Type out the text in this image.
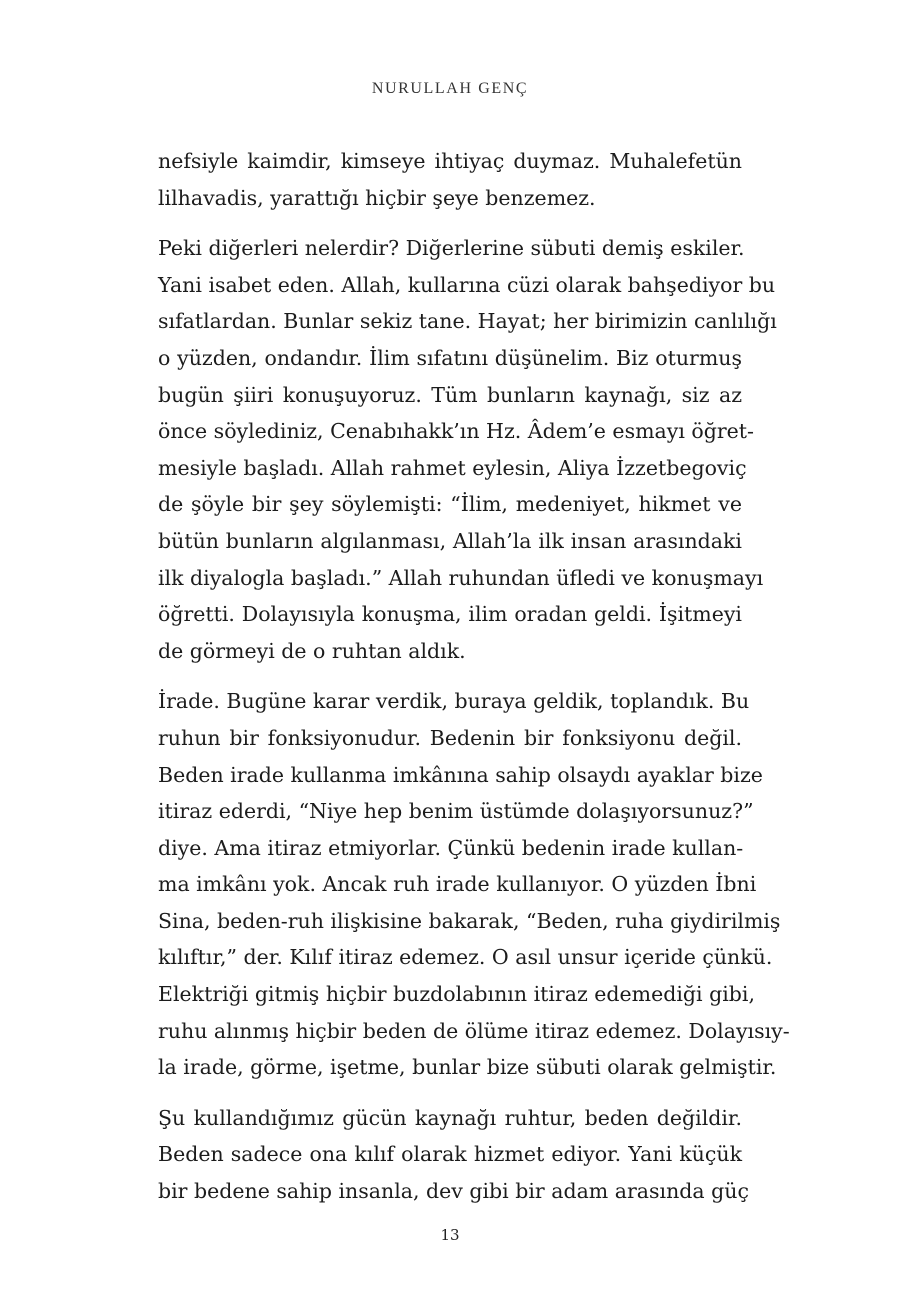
NURULLAH GENÇ
nefsiyle kaimdir, kimseye ihtiyaç duymaz. Muhalefetün
lilhavadis, yarattığı hiçbir şeye benzemez.
Peki diğerleri nelerdir? Diğerlerine sübuti demiş eskiler.
Yani isabet eden. Allah, kullarına cüzi olarak bahşediyor bu
sıfatlardan. Bunlar sekiz tane. Hayat; her birimizin canlılığı
o yüzden, ondandır. İlim sıfatını düşünelim. Biz oturmuş
bugün şiiri konuşuyoruz. Tüm bunların kaynağı, siz az
önce söylediniz, Cenabıhakk’ın Hz. Âdem’e esmayı öğret-
mesiyle başladı. Allah rahmet eylesin, Aliya İzzetbegoviç
de şöyle bir şey söylemişti: “İlim, medeniyet, hikmet ve
bütün bunların algılanması, Allah’la ilk insan arasındaki
ilk diyalogla başladı.” Allah ruhundan üfledi ve konuşmayı
öğretti. Dolayısıyla konuşma, ilim oradan geldi. İşitmeyi
de görmeyi de o ruhtan aldık.
İrade. Bugüne karar verdik, buraya geldik, toplandık. Bu
ruhun bir fonksiyonudur. Bedenin bir fonksiyonu değil.
Beden irade kullanma imkânına sahip olsaydı ayaklar bize
itiraz ederdi, “Niye hep benim üstümde dolaşıyorsunuz?”
diye. Ama itiraz etmiyorlar. Çünkü bedenin irade kullan-
ma imkânı yok. Ancak ruh irade kullanıyor. O yüzden İbni
Sina, beden-ruh ilişkisine bakarak, “Beden, ruha giydirilmiş
kılıftır,” der. Kılıf itiraz edemez. O asıl unsur içeride çünkü.
Elektriği gitmiş hiçbir buzdolabının itiraz edemediği gibi,
ruhu alınmış hiçbir beden de ölüme itiraz edemez. Dolayısıy-
la irade, görme, işetme, bunlar bize sübuti olarak gelmiştir.
Şu kullandığımız gücün kaynağı ruhtur, beden değildir.
Beden sadece ona kılıf olarak hizmet ediyor. Yani küçük
bir bedene sahip insanla, dev gibi bir adam arasında güç
13
